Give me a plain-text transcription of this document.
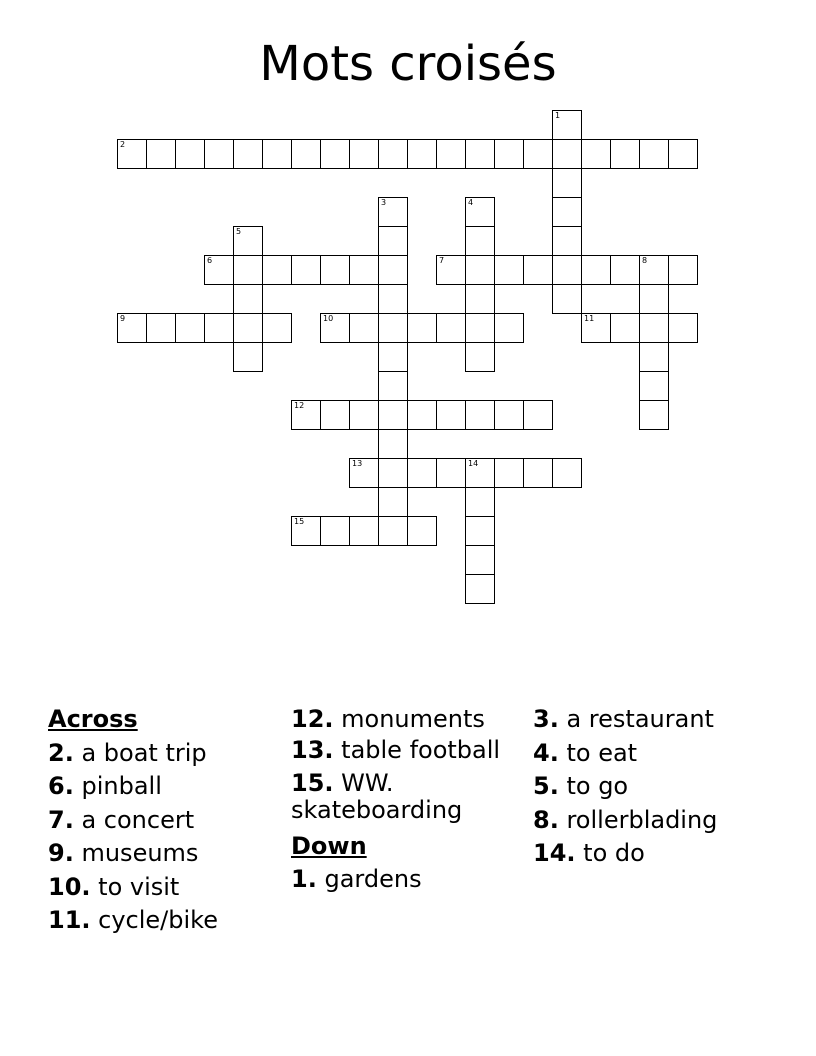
Mots croisés
1
2
3	4
5
6	7	8
9	10	11
12
13	14
15
Across
2. a boat trip
6. pinball
7. a concert
9. museums
10. to visit
11. cycle/bike
12. monuments
13. table football
15. WW. skateboarding
Down
1. gardens
3. a restaurant
4. to eat
5. to go
8. rollerblading
14. to do
